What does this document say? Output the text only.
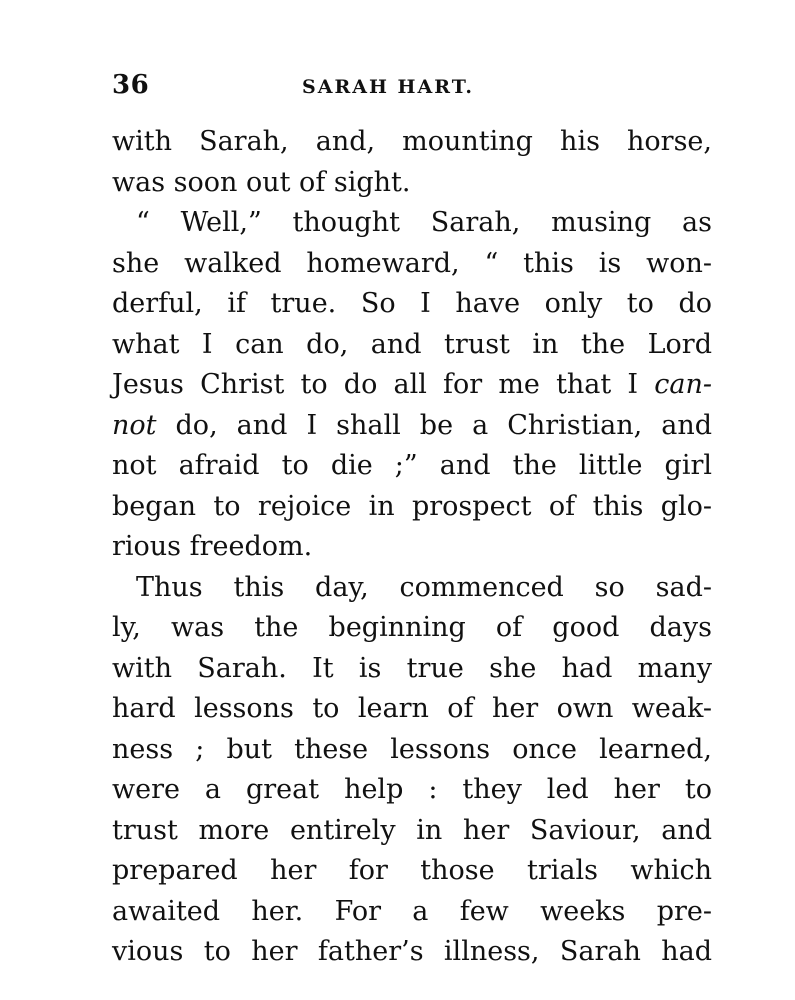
36	SARAH HART.
with Sarah, and, mounting his horse,
was soon out of sight.
“ Well,” thought Sarah, musing as
she walked homeward, “ this is won-
derful, if true. So I have only to do
what I can do, and trust in the Lord
Jesus Christ to do all for me that I can-
not do, and I shall be a Christian, and
not afraid to die ;” and the little girl
began to rejoice in prospect of this glo-
rious freedom.
Thus this day, commenced so sad-
ly, was the beginning of good days
with Sarah. It is true she had many
hard lessons to learn of her own weak-
ness ; but these lessons once learned,
were a great help : they led her to
trust more entirely in her Saviour, and
prepared her for those trials which
awaited her. For a few weeks pre-
vious to her father’s illness, Sarah had
